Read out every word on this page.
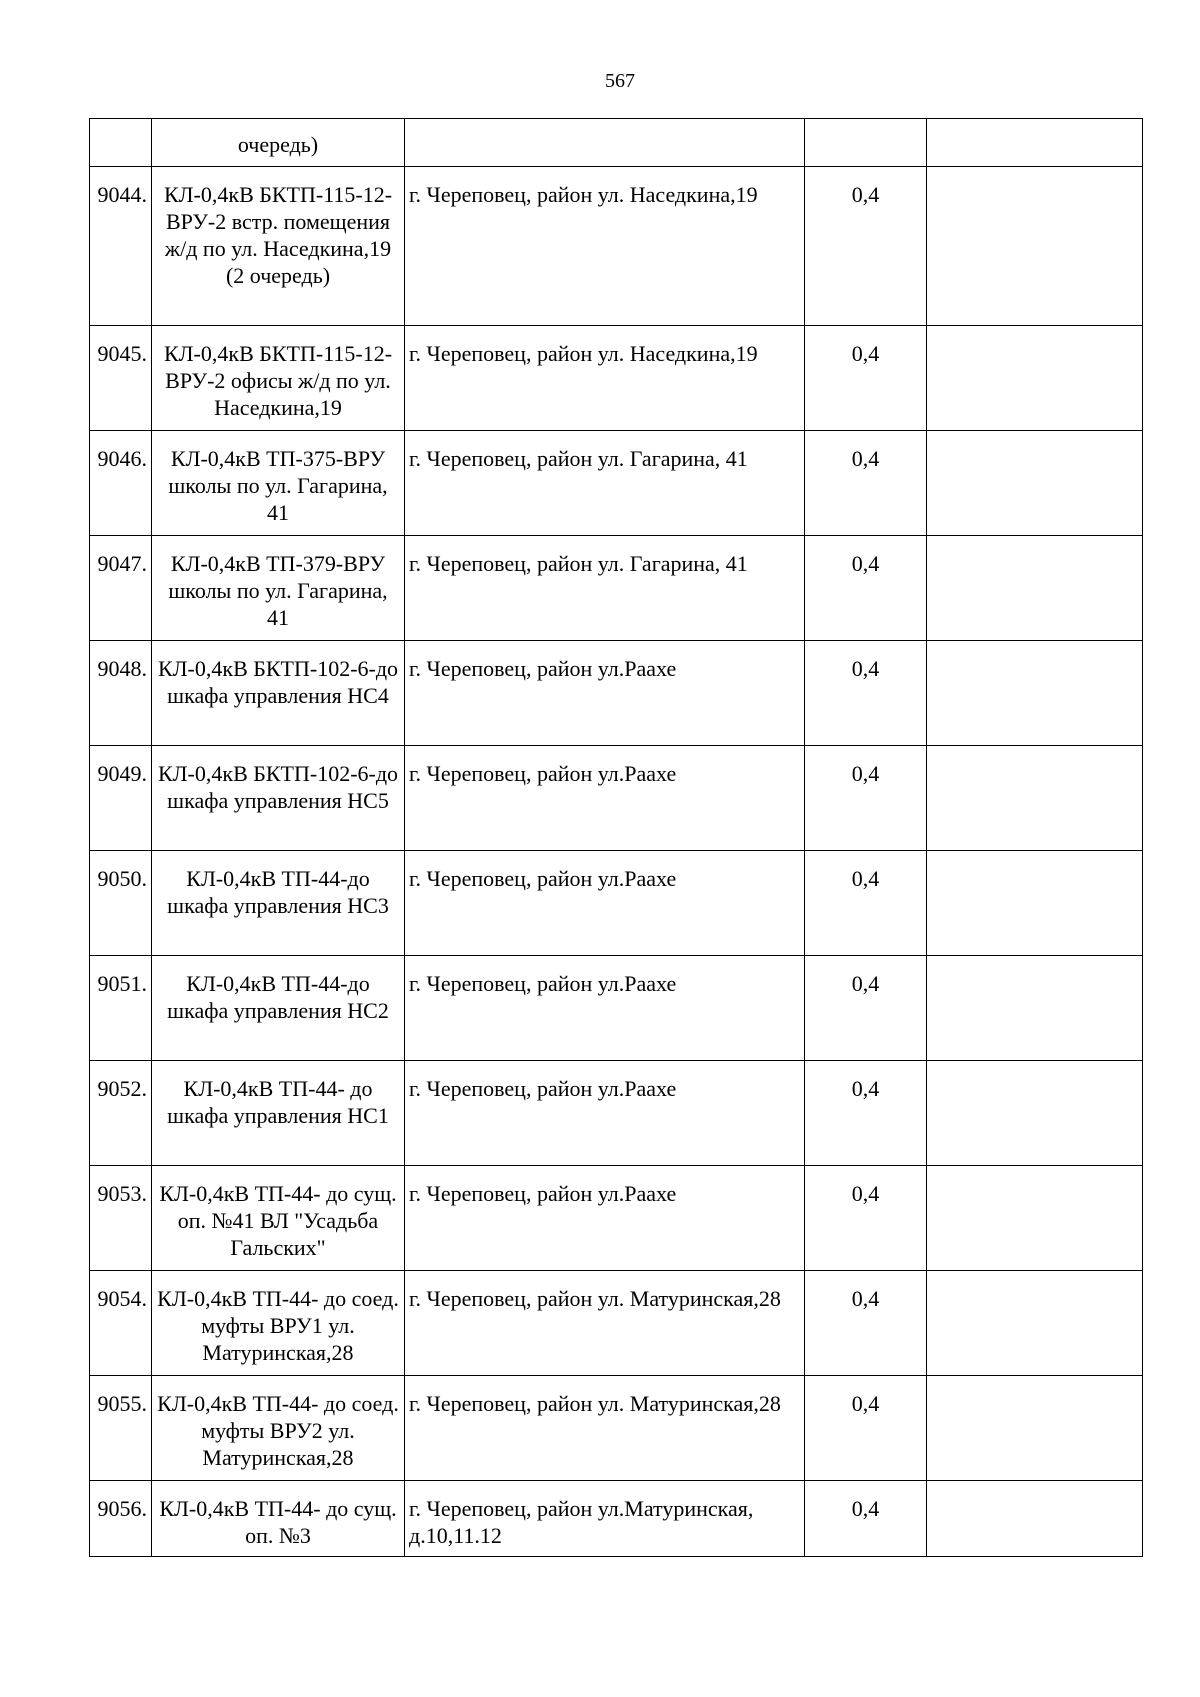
567
	очередь)			
9044.	КЛ-0,4кВ БКТП-115-12-ВРУ-2 встр. помещения ж/д по ул. Наседкина,19 (2 очередь)	г. Череповец, район ул. Наседкина,19	0,4	
9045.	КЛ-0,4кВ БКТП-115-12-ВРУ-2 офисы ж/д по ул. Наседкина,19	г. Череповец, район ул. Наседкина,19	0,4	
9046.	КЛ-0,4кВ ТП-375-ВРУ школы по ул. Гагарина, 41	г. Череповец, район ул. Гагарина, 41	0,4	
9047.	КЛ-0,4кВ ТП-379-ВРУ школы по ул. Гагарина, 41	г. Череповец, район ул. Гагарина, 41	0,4	
9048.	КЛ-0,4кВ БКТП-102-6-до шкафа управления НС4	г. Череповец, район ул.Раахе	0,4	
9049.	КЛ-0,4кВ БКТП-102-6-до шкафа управления НС5	г. Череповец, район ул.Раахе	0,4	
9050.	КЛ-0,4кВ ТП-44-до шкафа управления НС3	г. Череповец, район ул.Раахе	0,4	
9051.	КЛ-0,4кВ ТП-44-до шкафа управления НС2	г. Череповец, район ул.Раахе	0,4	
9052.	КЛ-0,4кВ ТП-44- до шкафа управления НС1	г. Череповец, район ул.Раахе	0,4	
9053.	КЛ-0,4кВ ТП-44- до сущ. оп. №41 ВЛ "Усадьба Гальских"	г. Череповец, район ул.Раахе	0,4	
9054.	КЛ-0,4кВ ТП-44- до соед. муфты ВРУ1 ул. Матуринская,28	г. Череповец, район ул. Матуринская,28	0,4	
9055.	КЛ-0,4кВ ТП-44- до соед. муфты ВРУ2 ул. Матуринская,28	г. Череповец, район ул. Матуринская,28	0,4	
9056.	КЛ-0,4кВ ТП-44- до сущ. оп. №3	г. Череповец, район ул.Матуринская, д.10,11.12	0,4	
